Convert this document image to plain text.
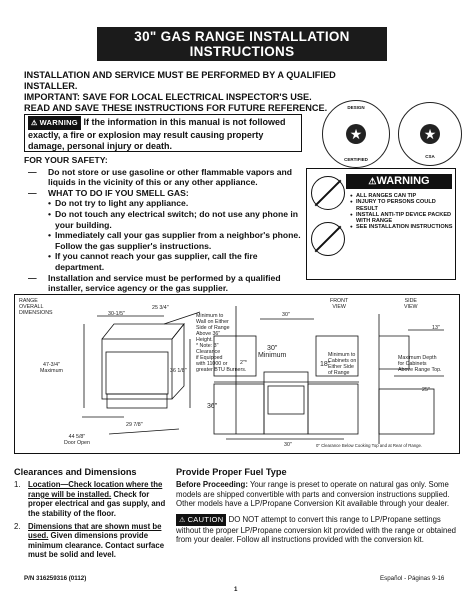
30" GAS RANGE INSTALLATION INSTRUCTIONS
(For Models with Sealed Top Burners)
INSTALLATION AND SERVICE MUST BE PERFORMED BY A QUALIFIED INSTALLER.
IMPORTANT: SAVE FOR LOCAL ELECTRICAL INSPECTOR'S USE.
READ AND SAVE THESE INSTRUCTIONS FOR FUTURE REFERENCE.	DESIGN
★
CERTIFIED
★
CSA
⚠ WARNING If the information in this manual is not followed exactly, a fire or explosion may result causing property damage, personal injury or death.
FOR YOUR SAFETY:
— Do not store or use gasoline or other flammable vapors and liquids in the vicinity of this or any other appliance.
— WHAT TO DO IF YOU SMELL GAS:
• Do not try to light any appliance.
• Do not touch any electrical switch; do not use any phone in your building.
• Immediately call your gas supplier from a neighbor's phone. Follow the gas supplier's instructions.
• If you cannot reach your gas supplier, call the fire department.
— Installation and service must be performed by a qualified installer, service agency or the gas supplier.
⚠ WARNING
● ALL RANGES CAN TIP
● INJURY TO PERSONS COULD RESULT
● INSTALL ANTI-TIP DEVICE PACKED WITH RANGE
● SEE INSTALLATION INSTRUCTIONS
RANGE
OVERALL
DIMENSIONS	30-1/5"
25 3/4"
47-3/4"
Maximum	36 1/8"
44 5/8"
Door Open
29 7/8"
FRONT
VIEW
SIDE
VIEW
Minimum to
Wall on Either
Side of Range
Above 36"
Height.
* Note: 3"
Clearance
if Equipped
with 11000 or
greater BTU Burners.
30"
30"
Minimum
2"*	18"
Minimum to
Cabinets on
Either Side
of Range
13"
Maximum Depth
for Cabinets
Above Range Top.
25"
36"
30"	0" Clearance Below Cooking Top and at Rear of Range.
Clearances and Dimensions
1. Location—Check location where the range will be installed. Check for proper electrical and gas supply, and the stability of the floor.
2. Dimensions that are shown must be used. Given dimensions provide minimum clearance. Contact surface must be solid and level.
Provide Proper Fuel Type
Before Proceeding: Your range is preset to operate on natural gas only. Some models are shipped convertible with parts and conversion instructions supplied. Other models have a LP/Propane Conversion Kit available through your dealer.
⚠ CAUTION DO NOT attempt to convert this range to LP/Propane settings without the proper LP/Propane conversion kit provided with the range or obtained from your dealer. Follow all instructions provided with the conversion kit.
P/N 316259316 (0112)
1
Español - Páginas 9-16
